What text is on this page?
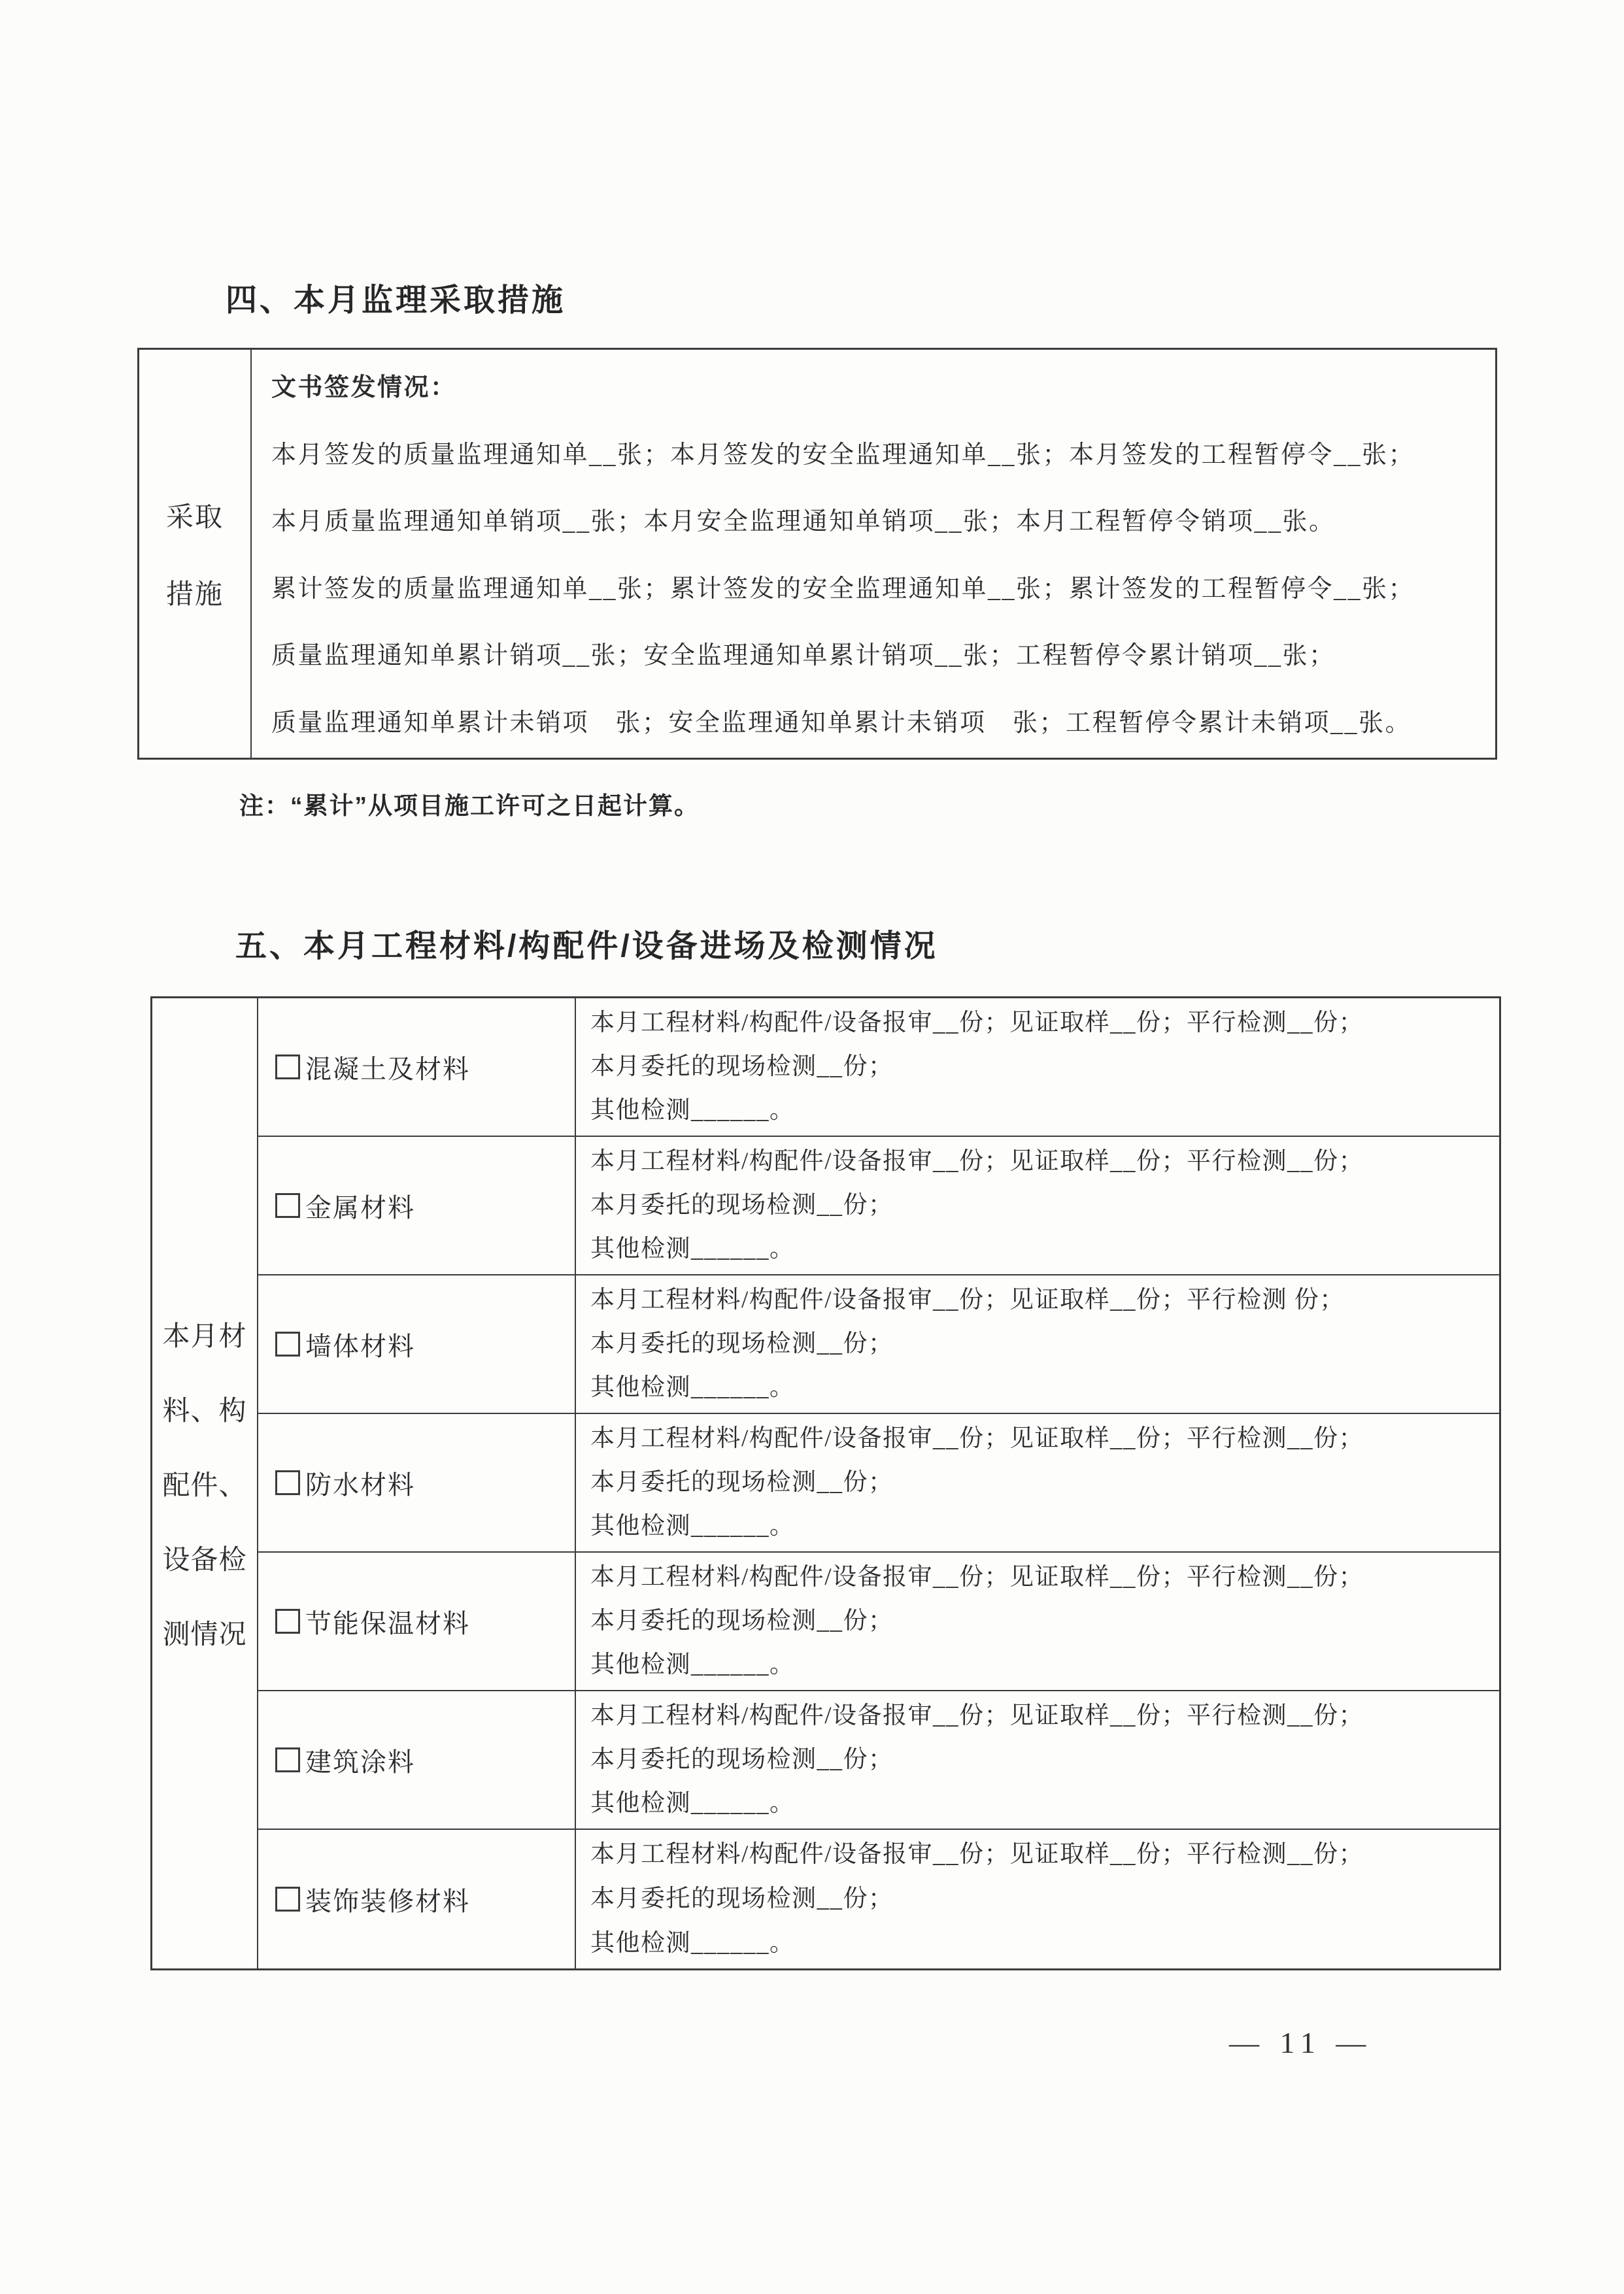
四、本月监理采取措施
采取
措施
文书签发情况：
本月签发的质量监理通知单__张；本月签发的安全监理通知单__张；本月签发的工程暂停令__张；
本月质量监理通知单销项__张；本月安全监理通知单销项__张；本月工程暂停令销项__张。
累计签发的质量监理通知单__张；累计签发的安全监理通知单__张；累计签发的工程暂停令__张；
质量监理通知单累计销项__张；安全监理通知单累计销项__张；工程暂停令累计销项__张；
质量监理通知单累计未销项　张；安全监理通知单累计未销项　张；工程暂停令累计未销项__张。
注：“累计”从项目施工许可之日起计算。
五、本月工程材料/构配件/设备进场及检测情况
本月材
料、构
配件、
设备检
测情况
混凝土及材料
本月工程材料/构配件/设备报审__份；见证取样__份；平行检测__份；
本月委托的现场检测__份；
其他检测______。
金属材料
本月工程材料/构配件/设备报审__份；见证取样__份；平行检测__份；
本月委托的现场检测__份；
其他检测______。
墙体材料
本月工程材料/构配件/设备报审__份；见证取样__份；平行检测 份；
本月委托的现场检测__份；
其他检测______。
防水材料
本月工程材料/构配件/设备报审__份；见证取样__份；平行检测__份；
本月委托的现场检测__份；
其他检测______。
节能保温材料
本月工程材料/构配件/设备报审__份；见证取样__份；平行检测__份；
本月委托的现场检测__份；
其他检测______。
建筑涂料
本月工程材料/构配件/设备报审__份；见证取样__份；平行检测__份；
本月委托的现场检测__份；
其他检测______。
装饰装修材料
本月工程材料/构配件/设备报审__份；见证取样__份；平行检测__份；
本月委托的现场检测__份；
其他检测______。
— 11 —
